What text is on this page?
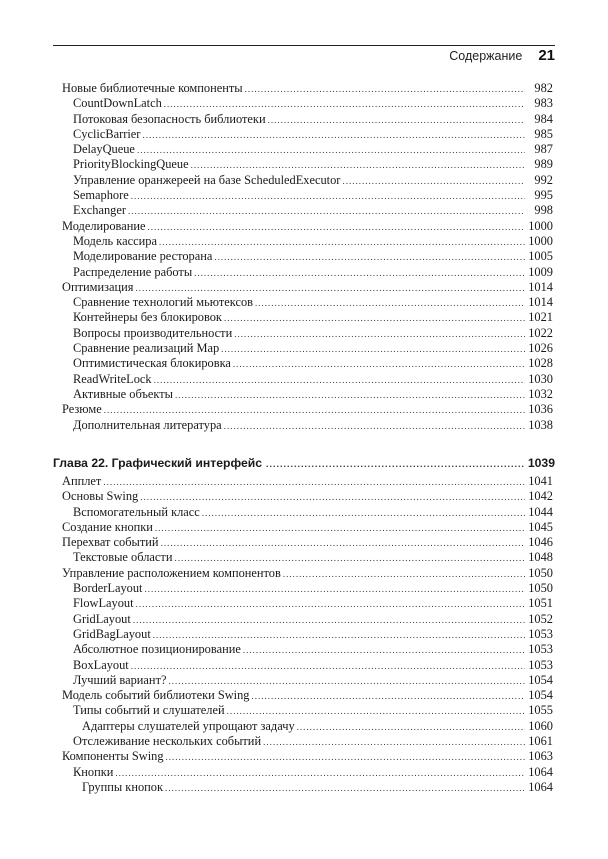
Содержание 21
Новые библиотечные компоненты .....	982
CountDownLatch .....	983
Потоковая безопасность библиотеки .....	984
CyclicBarrier .....	985
DelayQueue .....	987
PriorityBlockingQueue .....	989
Управление оранжереей на базе ScheduledExecutor .....	992
Semaphore .....	995
Exchanger .....	998
Моделирование .....	1000
Модель кассира .....	1000
Моделирование ресторана .....	1005
Распределение работы .....	1009
Оптимизация .....	1014
Сравнение технологий мьютексов .....	1014
Контейнеры без блокировок .....	1021
Вопросы производительности .....	1022
Сравнение реализаций Map .....	1026
Оптимистическая блокировка .....	1028
ReadWriteLock .....	1030
Активные объекты .....	1032
Резюме .....	1036
Дополнительная литература .....	1038
Глава 22. Графический интерфейс .....	1039
Апплет .....	1041
Основы Swing .....	1042
Вспомогательный класс .....	1044
Создание кнопки .....	1045
Перехват событий .....	1046
Текстовые области .....	1048
Управление расположением компонентов .....	1050
BorderLayout .....	1050
FlowLayout .....	1051
GridLayout .....	1052
GridBagLayout .....	1053
Абсолютное позиционирование .....	1053
BoxLayout .....	1053
Лучший вариант? .....	1054
Модель событий библиотеки Swing .....	1054
Типы событий и слушателей .....	1055
Адаптеры слушателей упрощают задачу .....	1060
Отслеживание нескольких событий .....	1061
Компоненты Swing .....	1063
Кнопки .....	1064
Группы кнопок .....	1064
